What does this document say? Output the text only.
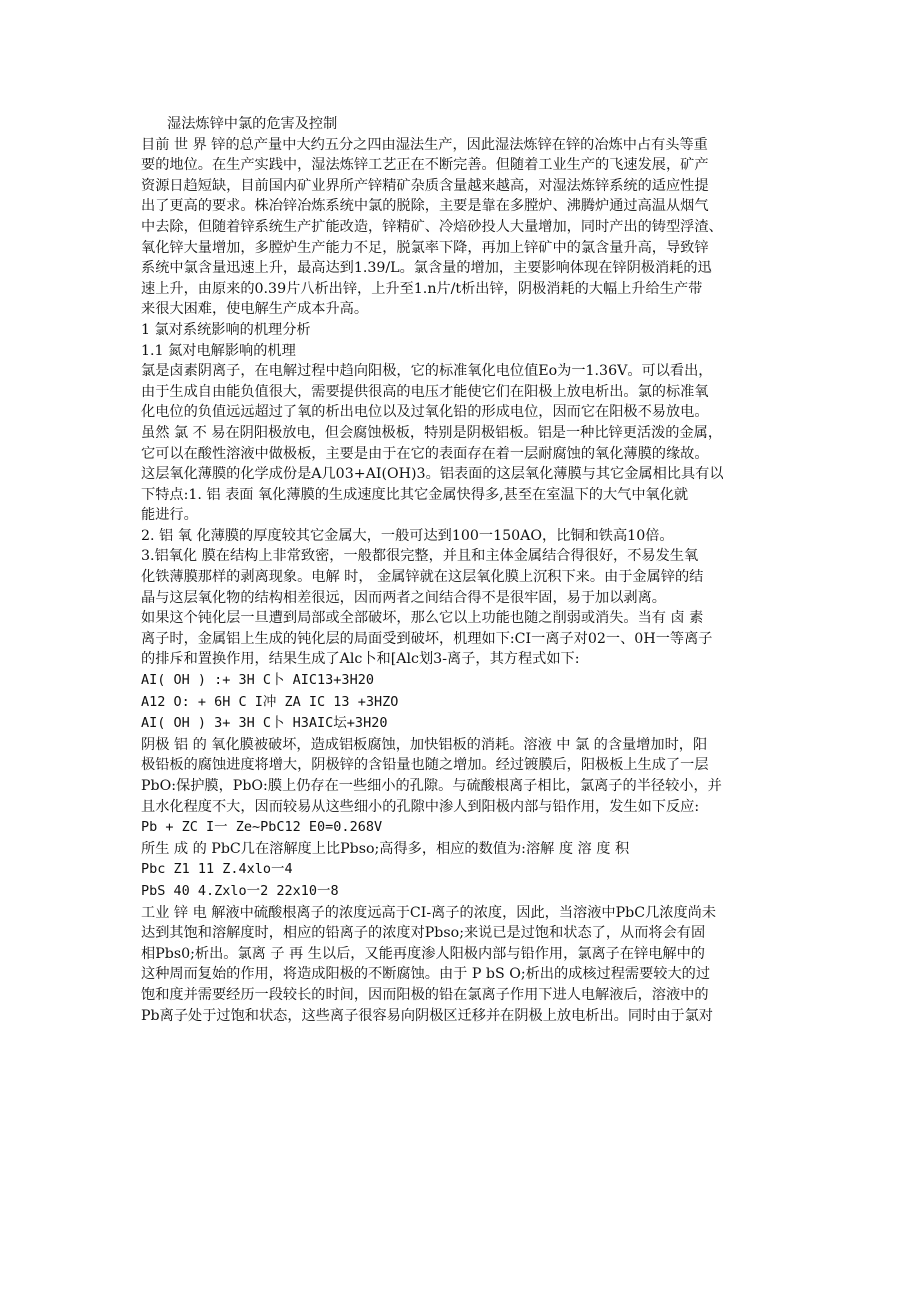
湿法炼锌中氯的危害及控制
目前 世 界 锌的总产量中大约五分之四由湿法生产，因此湿法炼锌在锌的冶炼中占有头等重
要的地位。在生产实践中，湿法炼锌工艺正在不断完善。但随着工业生产的飞速发展，矿产
资源日趋短缺，目前国内矿业界所产锌精矿杂质含量越来越高，对湿法炼锌系统的适应性提
出了更高的要求。株冶锌冶炼系统中氯的脱除，主要是靠在多膛炉、沸腾炉通过高温从烟气
中去除，但随着锌系统生产扩能改造，锌精矿、冷焙砂投人大量增加，同时产出的铸型浮渣、
氧化锌大量增加，多膛炉生产能力不足，脱氯率下降，再加上锌矿中的氯含量升高，导致锌
系统中氯含量迅速上升，最高达到1.39/L。氯含量的增加，主要影响体现在锌阴极消耗的迅
速上升，由原来的0.39片八析出锌，上升至1.n片/t析出锌，阴极消耗的大幅上升给生产带
来很大困难，使电解生产成本升高。
1 氯对系统影响的机理分析
1.1 氮对电解影响的机理
氯是卤素阴离子，在电解过程中趋向阳极，它的标准氧化电位值Eo为一1.36V。可以看出，
由于生成自由能负值很大，需要提供很高的电压才能使它们在阳极上放电析出。氯的标准氧
化电位的负值远远超过了氧的析出电位以及过氧化铅的形成电位，因而它在阳极不易放电。
虽然 氯 不 易在阴阳极放电，但会腐蚀极板，特别是阴极铝板。铝是一种比锌更活泼的金属，
它可以在酸性溶液中做极板，主要是由于在它的表面存在着一层耐腐蚀的氧化薄膜的缘故。
这层氧化薄膜的化学成份是A几03+AI(OH)3。铝表面的这层氧化薄膜与其它金属相比具有以
下特点:1. 铝 表面 氧化薄膜的生成速度比其它金属快得多,甚至在室温下的大气中氧化就
能进行。
2. 铝 氧 化薄膜的厚度较其它金属大，一般可达到100一150AO，比铜和铁高10倍。
3.铝氧化 膜在结构上非常致密，一般都很完整，并且和主体金属结合得很好，不易发生氧
化铁薄膜那样的剥离现象。电解 时， 金属锌就在这层氧化膜上沉积下来。由于金属锌的结
晶与这层氧化物的结构相差很远，因而两者之间结合得不是很牢固，易于加以剥离。
如果这个钝化层一旦遭到局部或全部破坏，那么它以上功能也随之削弱或消失。当有 卤 素
离子时，金属铝上生成的钝化层的局面受到破坏，机理如下:CI一离子对02一、0H一等离子
的排斥和置换作用，结果生成了Alc卜和[Alc划3-离子，其方程式如下:
AI( OH ) :+ 3H C卜 AIC13+3H20
A12 O: + 6H C I冲 ZA IC 13 +3HZO
AI( OH ) 3+ 3H C卜 H3AIC坛+3H20
阴极 铝 的 氧化膜被破坏，造成铝板腐蚀，加快铝板的消耗。溶液 中 氯 的含量增加时，阳
极铅板的腐蚀进度将增大，阴极锌的含铅量也随之增加。经过镀膜后，阳极板上生成了一层
PbO:保护膜，PbO:膜上仍存在一些细小的孔隙。与硫酸根离子相比，氯离子的半径较小，并
且水化程度不大，因而较易从这些细小的孔隙中渗人到阳极内部与铅作用，发生如下反应:
Pb + ZC I一 Ze~PbC12 E0=0.268V
所生 成 的 PbC几在溶解度上比Pbso;高得多，相应的数值为:溶解 度 溶 度 积
Pbc Z1 11 Z.4xlo一4
PbS 40 4.Zxlo一2 22x10一8
工业 锌 电 解液中硫酸根离子的浓度远高于CI-离子的浓度，因此，当溶液中PbC几浓度尚未
达到其饱和溶解度时，相应的铅离子的浓度对Pbso;来说已是过饱和状态了，从而将会有固
相Pbs0;析出。氯离 子 再 生以后，又能再度渗人阳极内部与铅作用，氯离子在锌电解中的
这种周而复始的作用，将造成阳极的不断腐蚀。由于 P bS O;析出的成核过程需要较大的过
饱和度并需要经历一段较长的时间，因而阳极的铅在氯离子作用下进人电解液后，溶液中的
Pb离子处于过饱和状态，这些离子很容易向阴极区迁移并在阴极上放电析出。同时由于氯对
